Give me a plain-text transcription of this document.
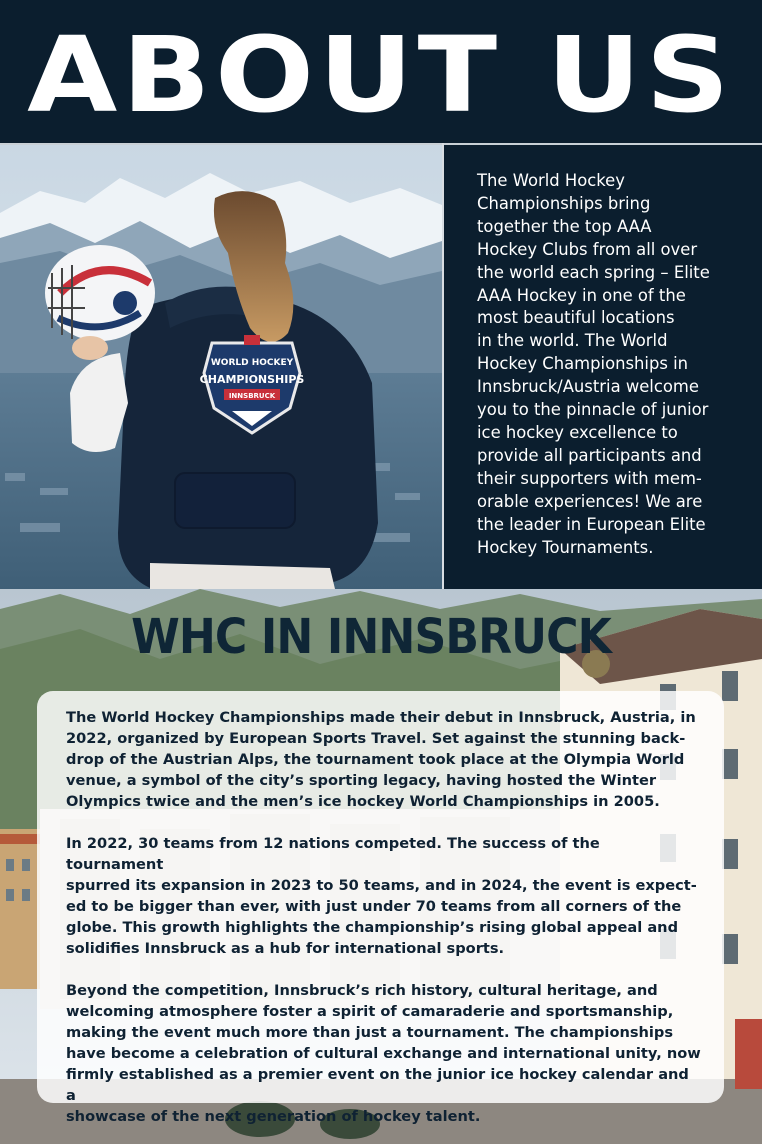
ABOUT US
WORLD HOCKEY
CHAMPIONSHIPS
INNSBRUCK

The World Hockey
Championships bring
together the top AAA
Hockey Clubs from all over
the world each spring – Elite
AAA Hockey in one of the
most beautiful locations
in the world. The World
Hockey Championships in
Innsbruck/Austria welcome
you to the pinnacle of junior
ice hockey excellence to
provide all participants and
their supporters with mem-
orable experiences! We are
the leader in European Elite
Hockey Tournaments.

WHC IN INNSBRUCK

The World Hockey Championships made their debut in Innsbruck, Austria, in
2022, organized by European Sports Travel. Set against the stunning back-
drop of the Austrian Alps, the tournament took place at the Olympia World
venue, a symbol of the city’s sporting legacy, having hosted the Winter
Olympics twice and the men’s ice hockey World Championships in 2005.

In 2022, 30 teams from 12 nations competed. The success of the tournament
spurred its expansion in 2023 to 50 teams, and in 2024, the event is expect-
ed to be bigger than ever, with just under 70 teams from all corners of the
globe. This growth highlights the championship’s rising global appeal and
solidifies Innsbruck as a hub for international sports.

Beyond the competition, Innsbruck’s rich history, cultural heritage, and
welcoming atmosphere foster a spirit of camaraderie and sportsmanship,
making the event much more than just a tournament. The championships
have become a celebration of cultural exchange and international unity, now
firmly established as a premier event on the junior ice hockey calendar and a
showcase of the next generation of hockey talent.
